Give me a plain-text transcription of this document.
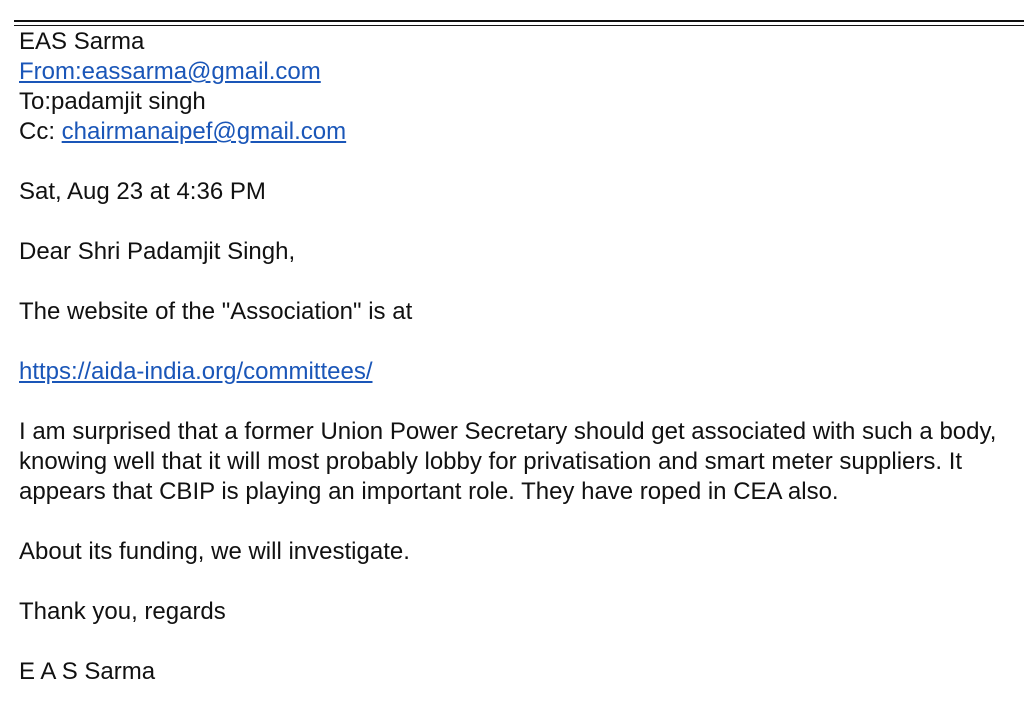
EAS Sarma
From:eassarma@gmail.com
To:padamjit singh
Cc: chairmanaipef@gmail.com
Sat, Aug 23 at 4:36 PM
Dear Shri Padamjit Singh,
The website of the "Association" is at
https://aida-india.org/committees/
I am surprised that a former Union Power Secretary should get associated with such a body, knowing well that it will most probably lobby for privatisation and smart meter suppliers. It appears that CBIP is playing an important role. They have roped in CEA also.
About its funding, we will investigate.
Thank you, regards
E A S Sarma
